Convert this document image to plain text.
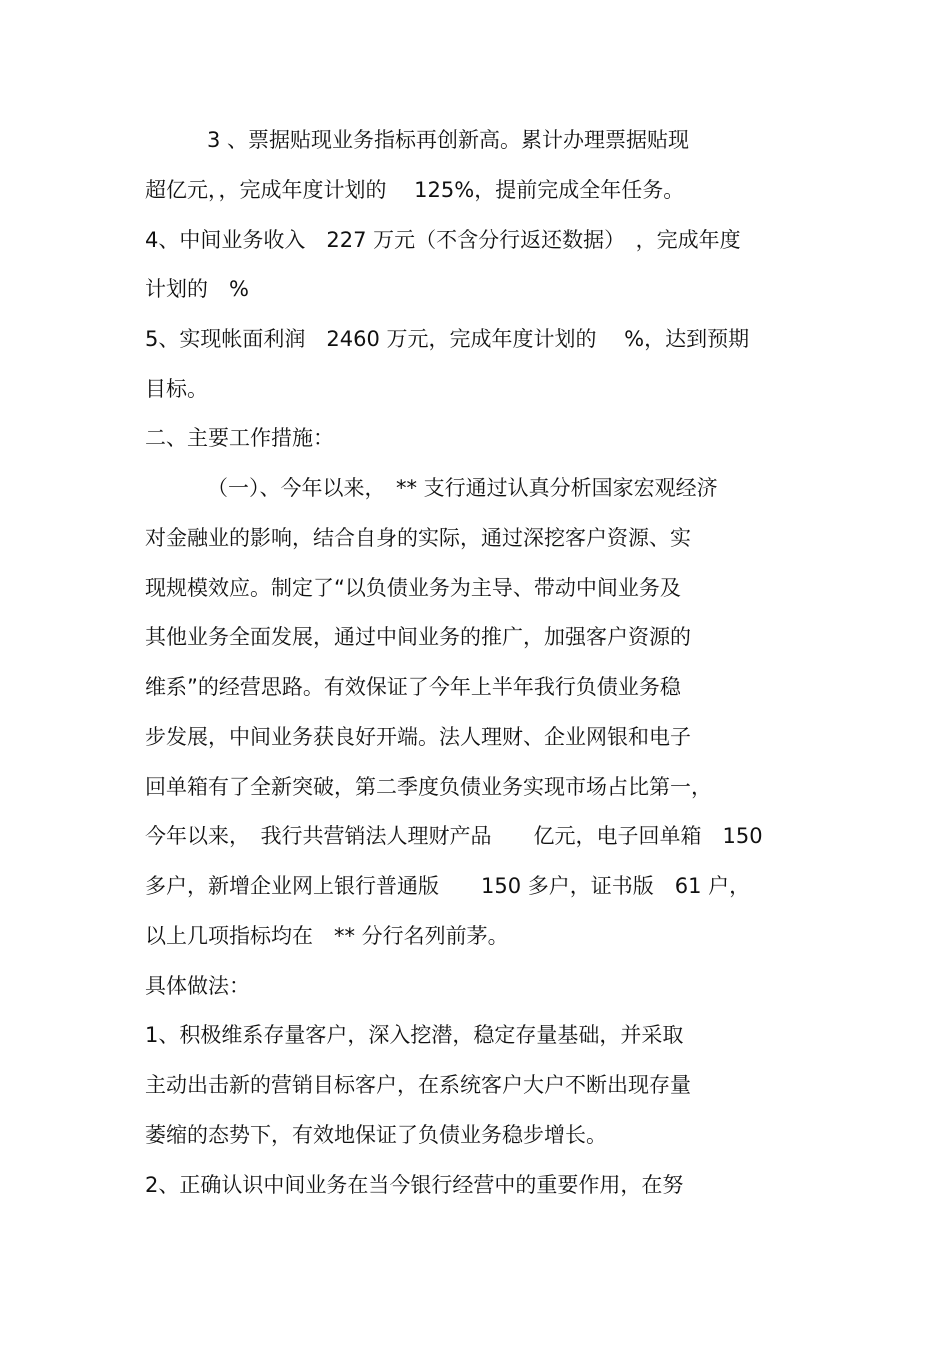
3 、票据贴现业务指标再创新高。累计办理票据贴现
超亿元，，完成年度计划的　 125%，提前完成全年任务。
4、中间业务收入　227 万元（不含分行返还数据）　，完成年度
计划的　%
5、实现帐面利润　2460 万元，完成年度计划的　 %，达到预期
目标。
二、主要工作措施：
（一）、今年以来，　** 支行通过认真分析国家宏观经济
对金融业的影响，结合自身的实际，通过深挖客户资源、实
现规模效应。制定了“以负债业务为主导、带动中间业务及
其他业务全面发展，通过中间业务的推广，加强客户资源的
维系”的经营思路。有效保证了今年上半年我行负债业务稳
步发展，中间业务获良好开端。法人理财、企业网银和电子
回单箱有了全新突破，第二季度负债业务实现市场占比第一，
今年以来，　我行共营销法人理财产品　　亿元，电子回单箱　150
多户，新增企业网上银行普通版　　150 多户，证书版　61 户，
以上几项指标均在　** 分行名列前茅。
具体做法：
1、积极维系存量客户，深入挖潜，稳定存量基础，并采取
主动出击新的营销目标客户，在系统客户大户不断出现存量
萎缩的态势下，有效地保证了负债业务稳步增长。
2、正确认识中间业务在当今银行经营中的重要作用，在努
